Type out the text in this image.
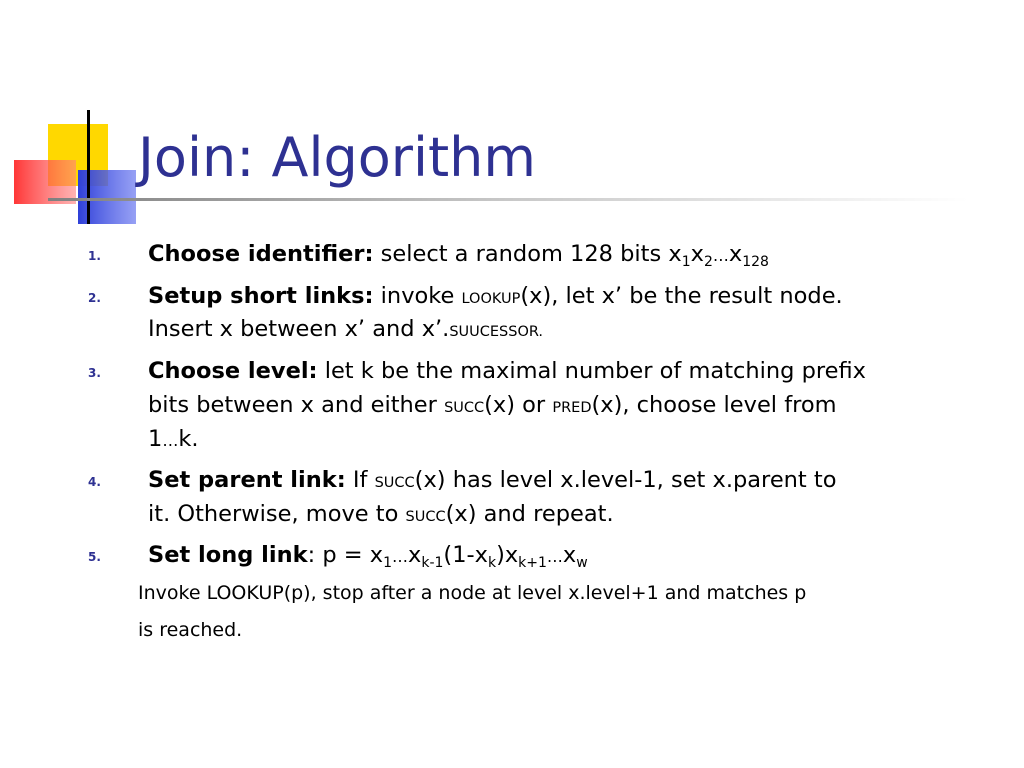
Join: Algorithm
1. Choose identifier: select a random 128 bits $x_1x_2\dots x_{128}$
2. Setup short links: invoke LOOKUP(x), let x’ be the result node.
Insert x between x’ and x’.SUUCESSOR.
3. Choose level: let k be the maximal number of matching prefix
bits between x and either SUCC(x) or PRED(x), choose level from
1…k.
4. Set parent link: If SUCC(x) has level x.level-1, set x.parent to
it. Otherwise, move to SUCC(x) and repeat.
5. Set long link: $p = x_1\dots x_{k-1}(1-x_k)x_{k+1}\dots x_w$
Invoke LOOKUP(p), stop after a node at level x.level+1 and matches p
is reached.
